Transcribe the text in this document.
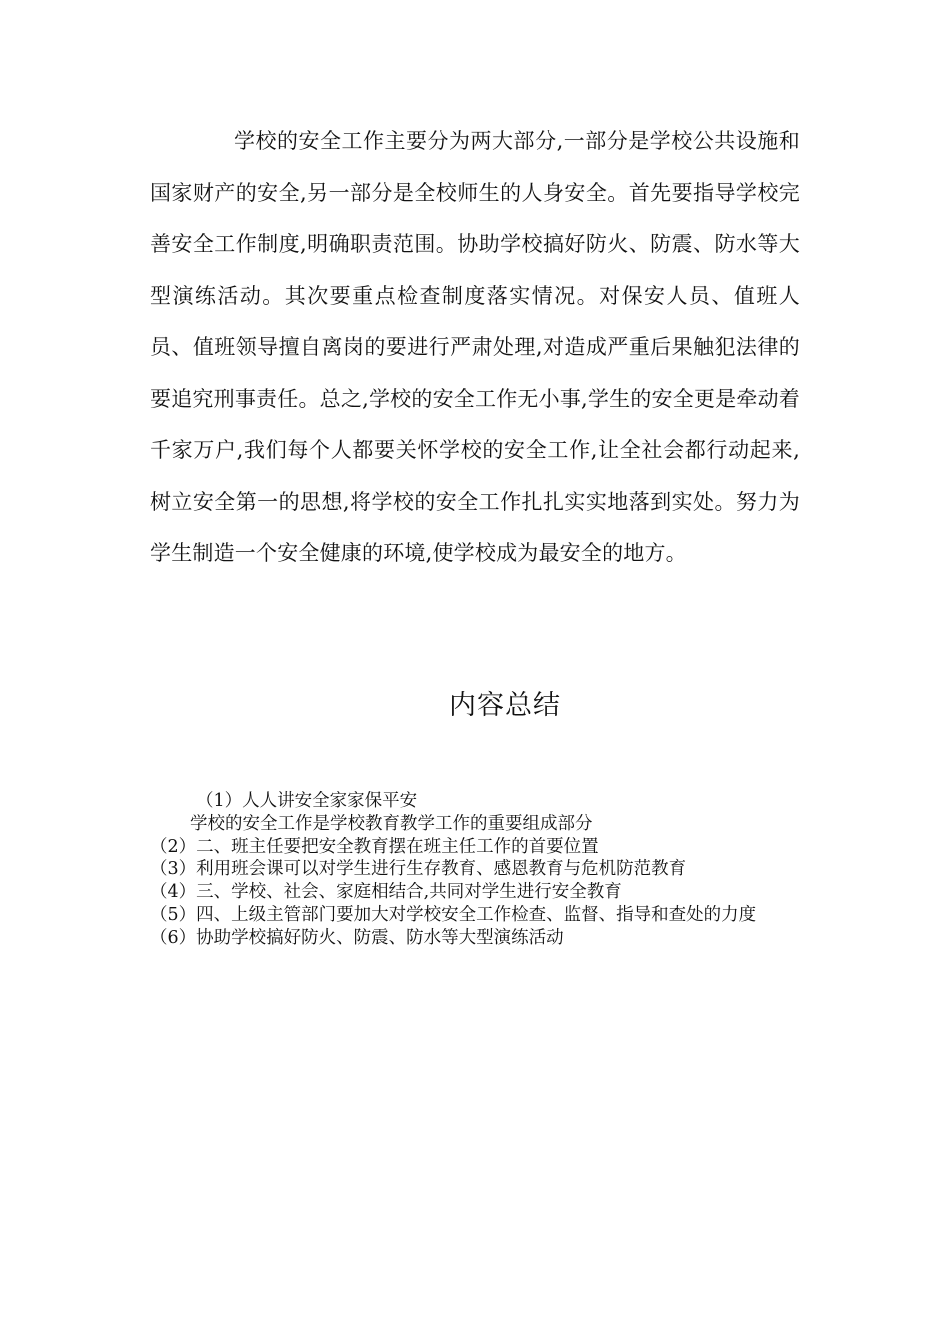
学校的安全工作主要分为两大部分,一部分是学校公共设施和国家财产的安全,另一部分是全校师生的人身安全。首先要指导学校完善安全工作制度,明确职责范围。协助学校搞好防火、防震、防水等大型演练活动。其次要重点检查制度落实情况。对保安人员、值班人员、值班领导擅自离岗的要进行严肃处理,对造成严重后果触犯法律的要追究刑事责任。总之,学校的安全工作无小事,学生的安全更是牵动着千家万户,我们每个人都要关怀学校的安全工作,让全社会都行动起来,树立安全第一的思想,将学校的安全工作扎扎实实地落到实处。努力为学生制造一个安全健康的环境,使学校成为最安全的地方。

内容总结
（1）人人讲安全家家保平安
学校的安全工作是学校教育教学工作的重要组成部分
（2）二、班主任要把安全教育摆在班主任工作的首要位置
（3）利用班会课可以对学生进行生存教育、感恩教育与危机防范教育
（4）三、学校、社会、家庭相结合,共同对学生进行安全教育
（5）四、上级主管部门要加大对学校安全工作检查、监督、指导和查处的力度
（6）协助学校搞好防火、防震、防水等大型演练活动
